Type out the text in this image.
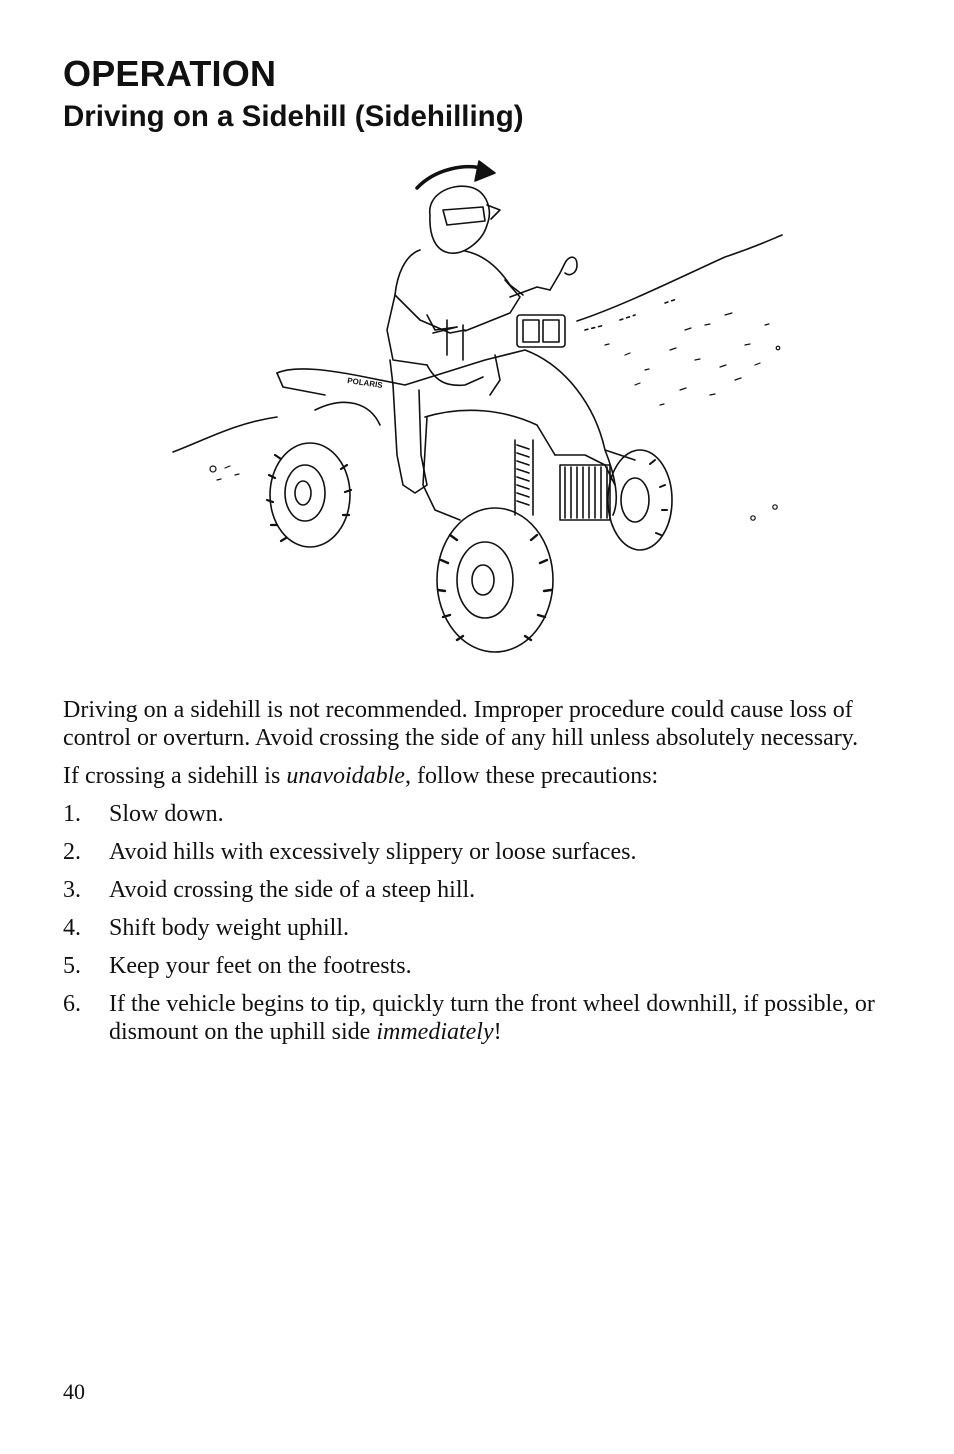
OPERATION
Driving on a Sidehill (Sidehilling)
POLARIS

Driving on a sidehill is not recommended. Improper procedure could cause loss of control or overturn. Avoid crossing the side of any hill unless absolutely necessary.

If crossing a sidehill is unavoidable, follow these precautions:

1. Slow down.
2. Avoid hills with excessively slippery or loose surfaces.
3. Avoid crossing the side of a steep hill.
4. Shift body weight uphill.
5. Keep your feet on the footrests.
6. If the vehicle begins to tip, quickly turn the front wheel downhill, if possible, or dismount on the uphill side immediately!
40
